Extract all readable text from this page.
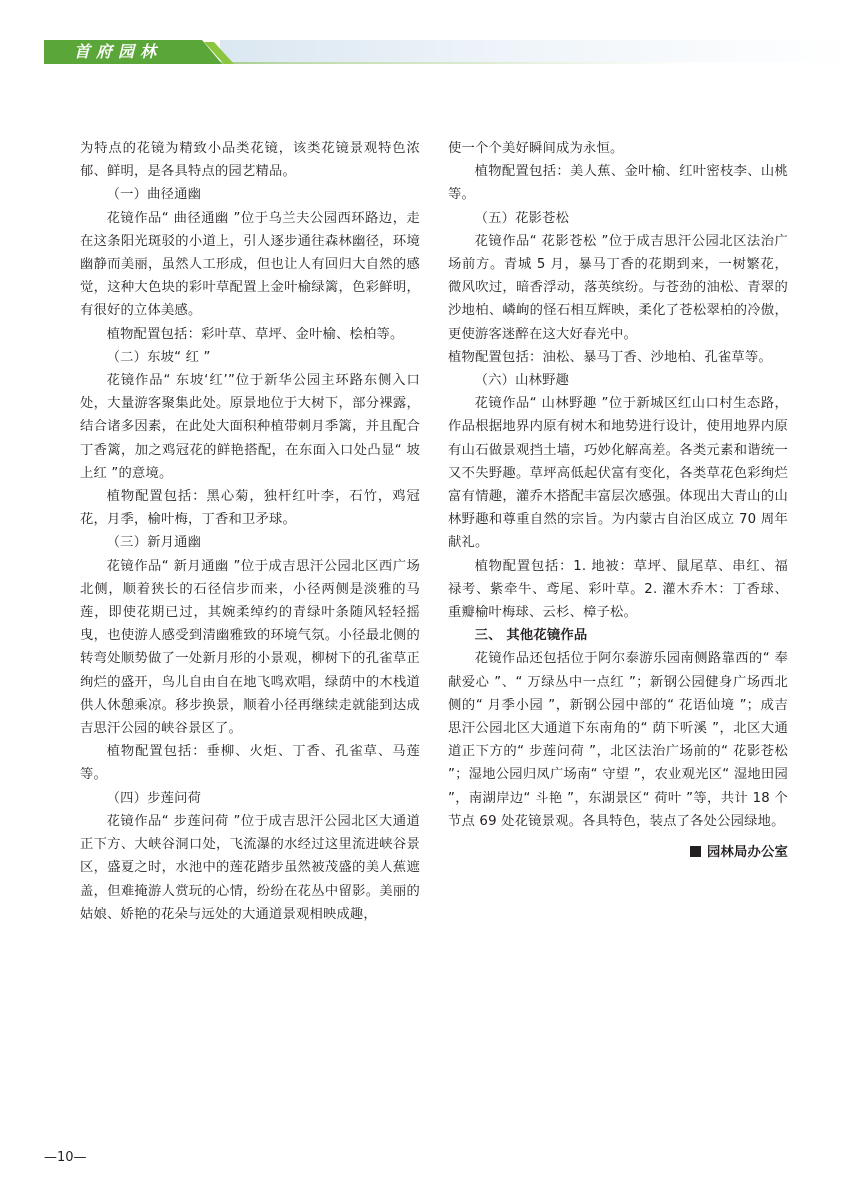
首府园林

为特点的花镜为精致小品类花镜，该类花镜景观特色浓郁、鲜明，是各具特点的园艺精品。

（一）曲径通幽

花镜作品“ 曲径通幽 ”位于乌兰夫公园西环路边，走在这条阳光斑驳的小道上，引人逐步通往森林幽径，环境幽静而美丽，虽然人工形成，但也让人有回归大自然的感觉，这种大色块的彩叶草配置上金叶榆绿篱，色彩鲜明，有很好的立体美感。

植物配置包括：彩叶草、草坪、金叶榆、桧柏等。

（二）东坡“ 红 ”

花镜作品“ 东坡‘红’”位于新华公园主环路东侧入口处，大量游客聚集此处。原景地位于大树下，部分裸露，结合诸多因素，在此处大面积种植带刺月季篱，并且配合丁香篱，加之鸡冠花的鲜艳搭配，在东面入口处凸显“ 坡上红 ”的意境。

植物配置包括：黑心菊，独杆红叶李，石竹，鸡冠花，月季，榆叶梅，丁香和卫矛球。

（三）新月通幽

花镜作品“ 新月通幽 ”位于成吉思汗公园北区西广场北侧，顺着狭长的石径信步而来，小径两侧是淡雅的马莲，即使花期已过，其婉柔绰约的青绿叶条随风轻轻摇曳，也使游人感受到清幽雅致的环境气氛。小径最北侧的转弯处顺势做了一处新月形的小景观，柳树下的孔雀草正绚烂的盛开，鸟儿自由自在地飞鸣欢唱，绿荫中的木栈道供人休憩乘凉。移步换景，顺着小径再继续走就能到达成吉思汗公园的峡谷景区了。

植物配置包括：垂柳、火炬、丁香、孔雀草、马莲等。

（四）步莲问荷

花镜作品“ 步莲问荷 ”位于成吉思汗公园北区大通道正下方、大峡谷洞口处，飞流瀑的水经过这里流进峡谷景区，盛夏之时，水池中的莲花踏步虽然被茂盛的美人蕉遮盖，但难掩游人赏玩的心情，纷纷在花丛中留影。美丽的姑娘、娇艳的花朵与远处的大通道景观相映成趣，

使一个个美好瞬间成为永恒。

植物配置包括：美人蕉、金叶榆、红叶密枝李、山桃等。

（五）花影苍松

花镜作品“ 花影苍松 ”位于成吉思汗公园北区法治广场前方。青城 5 月，暴马丁香的花期到来，一树繁花，微风吹过，暗香浮动，落英缤纷。与苍劲的油松、青翠的沙地柏、嶙峋的怪石相互辉映，柔化了苍松翠柏的冷傲，更使游客迷醉在这大好春光中。

植物配置包括：油松、暴马丁香、沙地柏、孔雀草等。

（六）山林野趣

花镜作品“ 山林野趣 ”位于新城区红山口村生态路，作品根据地界内原有树木和地势进行设计，使用地界内原有山石做景观挡土墙，巧妙化解高差。各类元素和谐统一又不失野趣。草坪高低起伏富有变化，各类草花色彩绚烂富有情趣，灌乔木搭配丰富层次感强。体现出大青山的山林野趣和尊重自然的宗旨。为内蒙古自治区成立 70 周年献礼。

植物配置包括：1. 地被：草坪、鼠尾草、串红、福禄考、紫牵牛、鸢尾、彩叶草。2. 灌木乔木：丁香球、重瓣榆叶梅球、云杉、樟子松。

三、 其他花镜作品

花镜作品还包括位于阿尔泰游乐园南侧路靠西的“ 奉献爱心 ”、“ 万绿丛中一点红 ”；新钢公园健身广场西北侧的“ 月季小园 ”，新钢公园中部的“ 花语仙境 ”；成吉思汗公园北区大通道下东南角的“ 荫下听溪 ”，北区大通道正下方的“ 步莲问荷 ”，北区法治广场前的“ 花影苍松 ”；湿地公园归凤广场南“ 守望 ”，农业观光区“ 湿地田园 ”，南湖岸边“ 斗艳 ”，东湖景区“ 荷叶 ”等，共计 18 个节点 69 处花镜景观。各具特色，装点了各处公园绿地。

园林局办公室

—10—
